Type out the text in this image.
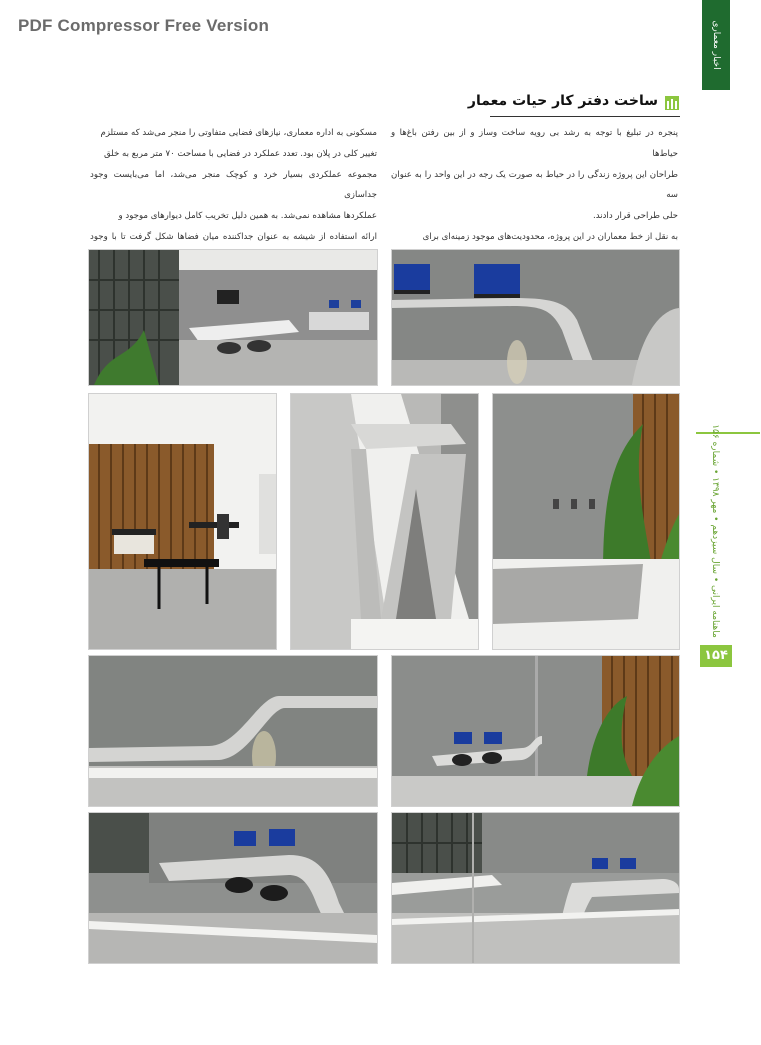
PDF Compressor Free Version	اخبار معماری
ساخت دفتر کار حیات معمار

پنجره در تبلیغ با توجه به رشد بی رویه ساخت وساز و از بین رفتن باغ‌ها و حیاط‌ها

طراحان این پروژه زندگی را در حیاط به صورت یک رجه در این واحد را به عنوان سه

حلی طراحی قرار دادند.

به نقل از خط معماران در این پروژه، محدودیت‌های موجود زمینه‌ای برای

مسکونی به اداره معماری، نیازهای فضایی متفاوتی را منجر می‌شد که مستلزم

تغییر کلی در پلان بود. تعدد عملکرد در فضایی با مساحت ۷۰ متر مربع به خلق

مجموعه عملکردی بسیار خرد و کوچک منجر می‌شد، اما می‌بایست وجود جداسازی

عملکردها مشاهده نمی‌شد. به همین دلیل تخریب کامل دیوارهای موجود و

ارائه استفاده از شیشه به عنوان جداکننده میان فضاها شکل گرفت تا با وجود

ماهنامه ایرانی • سال سیزدهم • مهر ۱۳۹۸ • شماره ۱۵۶
۱۵۴
